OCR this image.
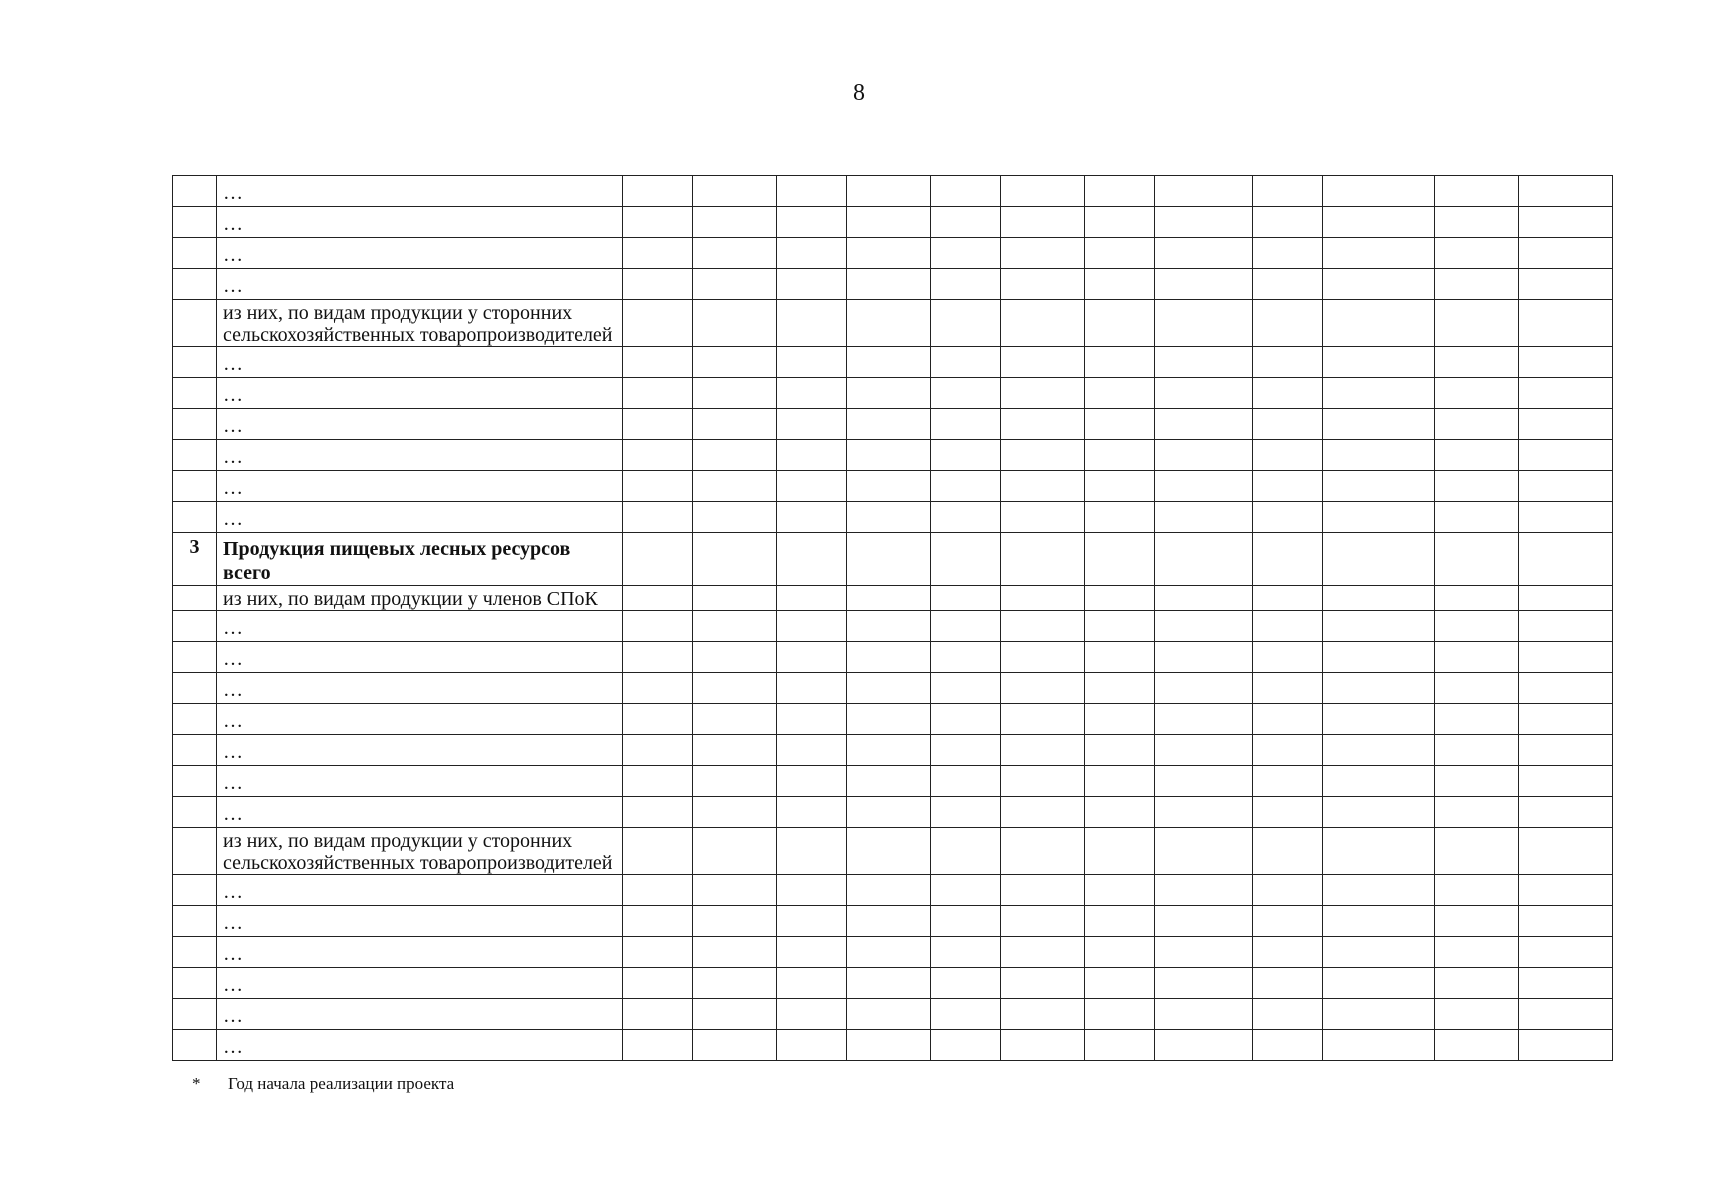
8
	…												
	…												
	…												
	…												
	из них, по видам продукции у сторонних сельскохозяйственных товаропроизводителей												
	…												
	…												
	…												
	…												
	…												
	…												
3	Продукция пищевых лесных ресурсов всего												
	из них, по видам продукции у членов СПоК												
	…												
	…												
	…												
	…												
	…												
	…												
	…												
	из них, по видам продукции у сторонних сельскохозяйственных товаропроизводителей												
	…												
	…												
	…												
	…												
	…												
	…												
* Год начала реализации проекта
